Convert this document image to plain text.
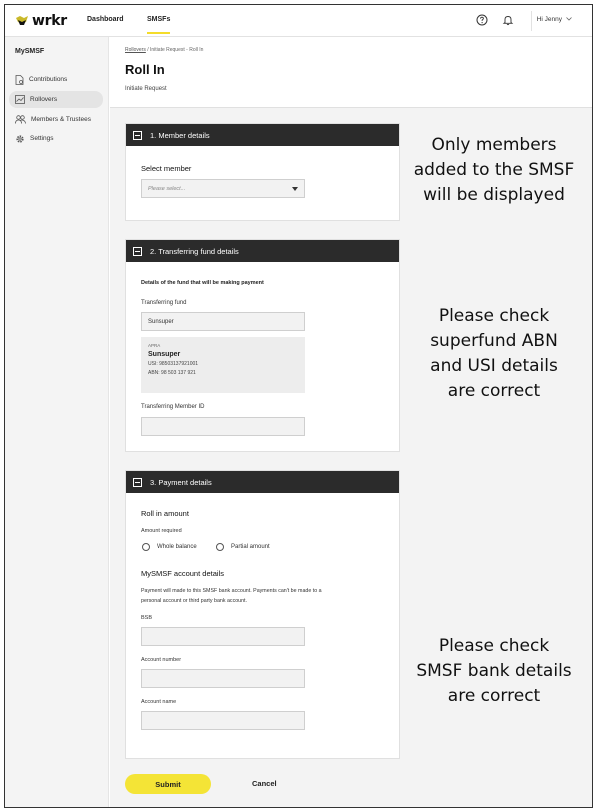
wrkr	Dashboard	SMSFs	Hi Jenny
MySMSF
Contributions
Rollovers
Members & Trustees
Settings
Rollovers / Initiate Request - Roll In
Roll In
Initiate Request
1. Member details
Select member
Please select...
2. Transferring fund details
Details of the fund that will be making payment
Transferring fund
Sunsuper
APRA
Sunsuper
USI: 98503137921001
ABN: 98 503 137 921
Transferring Member ID
3. Payment details
Roll in amount
Amount required
Whole balance	Partial amount
MySMSF account details
Payment will made to this SMSF bank account. Payments can't be made to a
personal account or third party bank account.
BSB
Account number
Account name
Submit	Cancel
Only members
added to the SMSF
will be displayed
Please check
superfund ABN
and USI details
are correct
Please check
SMSF bank details
are correct
